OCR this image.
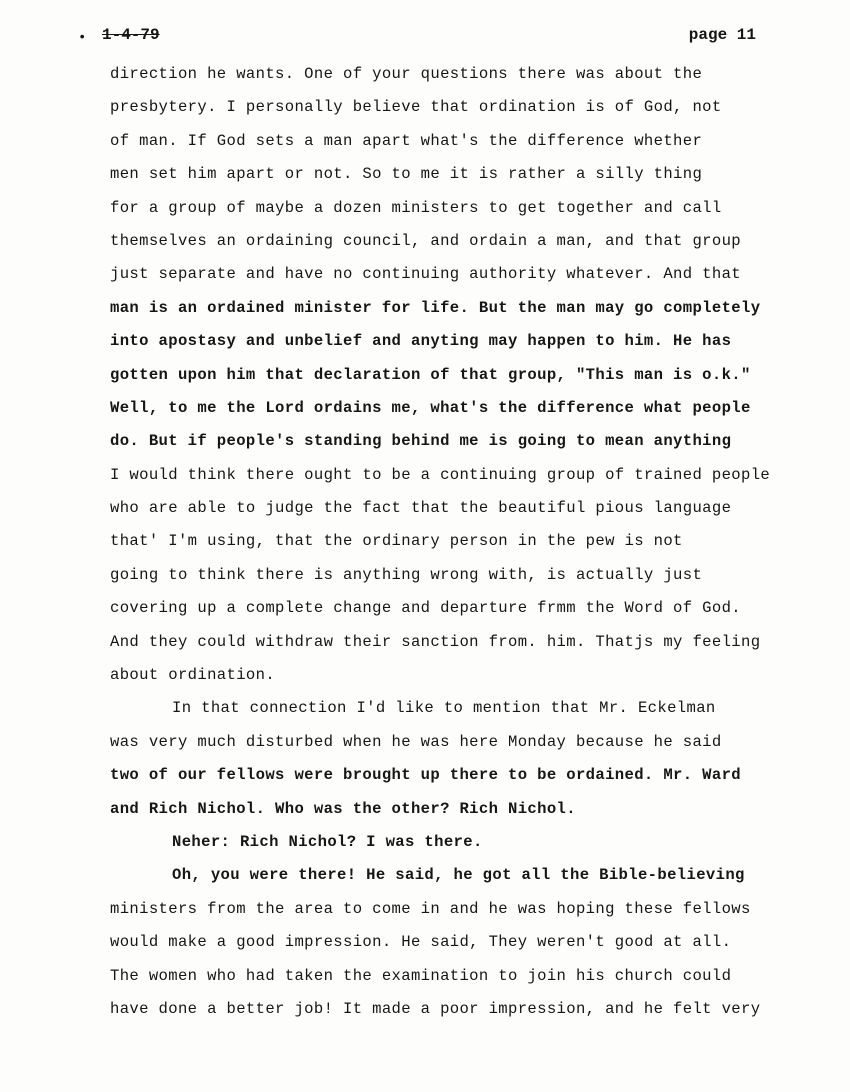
• 1-4-79	page 11
direction he wants. One of your questions there was about the
presbytery. I personally believe that ordination is of God, not
of man. If God sets a man apart what's the difference whether
men set him apart or not. So to me it is rather a silly thing
for a group of maybe a dozen ministers to get together and call
themselves an ordaining council, and ordain a man, and that group
just separate and have no continuing authority whatever. And that
man is an ordained minister for life. But the man may go completely
into apostasy and unbelief and anyting may happen to him. He has
gotten upon him that declaration of that group, "This man is o.k."
Well, to me the Lord ordains me, what's the difference what people
do. But if people's standing behind me is going to mean anything
I would think there ought to be a continuing group of trained people
who are able to judge the fact that the beautiful pious language
that' I'm using, that the ordinary person in the pew is not
going to think there is anything wrong with, is actually just
covering up a complete change and departure frmm the Word of God.
And they could withdraw their sanction from. him. Thatjs my feeling
about ordination.
In that connection I'd like to mention that Mr. Eckelman
was very much disturbed when he was here Monday because he said
two of our fellows were brought up there to be ordained. Mr. Ward
and Rich Nichol. Who was the other? Rich Nichol.
Neher: Rich Nichol? I was there.
Oh, you were there! He said, he got all the Bible-believing
ministers from the area to come in and he was hoping these fellows
would make a good impression. He said, They weren't good at all.
The women who had taken the examination to join his church could
have done a better job! It made a poor impression, and he felt very
